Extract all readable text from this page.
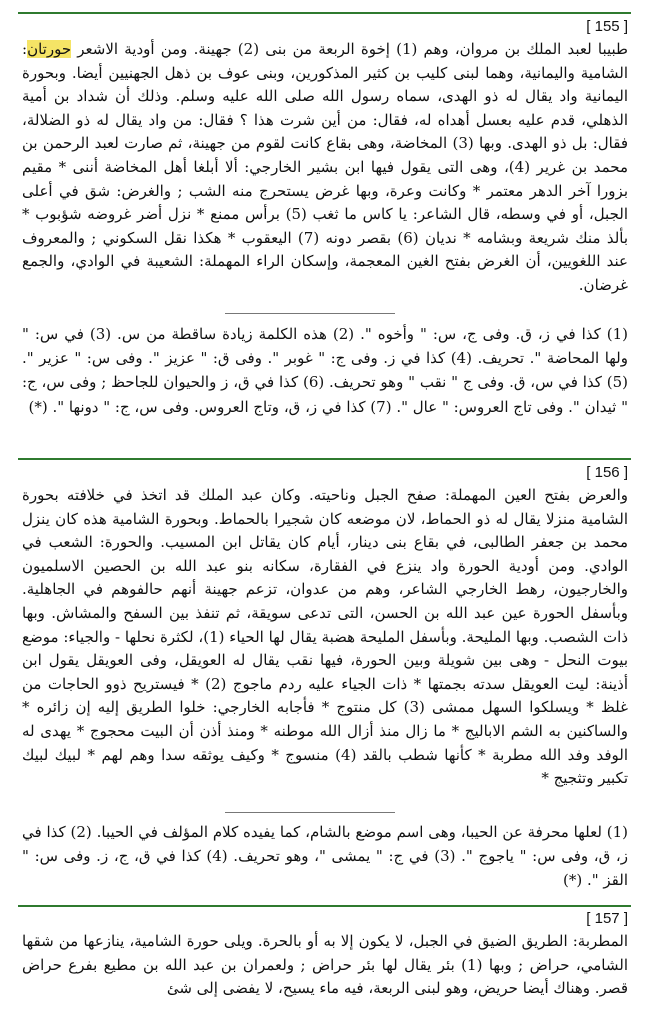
[ 155 ]

طبيبا لعبد الملك بن مروان، وهم (1) إخوة الربعة من بنى (2) جهينة. ومن أودية الاشعر حورتان: الشامية واليمانية، وهما لبنى كليب بن كثير المذكورين، وبنى عوف بن ذهل الجهنيين أيضا. وبحورة اليمانية واد يقال له ذو الهدى، سماه رسول الله صلى الله عليه وسلم. وذلك أن شداد بن أمية الذهلي، قدم عليه بعسل أهداه له، فقال: من أين شرت هذا ؟ فقال: من واد يقال له ذو الضلالة، فقال: بل ذو الهدى. وبها (3) المخاضة، وهى بقاع كانت لقوم من جهينة، ثم صارت لعبد الرحمن بن محمد بن غرير (4)، وهى التى يقول فيها ابن بشير الخارجي: ألا أبلغا أهل المخاضة أننى * مقيم بزورا آخر الدهر معتمر * وكانت وعرة، وبها غرض يستحرج منه الشب ; والغرض: شق في أعلى الجبل، أو في وسطه، قال الشاعر: يا كاس ما ثغب (5) برأس ممنع * نزل أضر غروضه شؤبوب * بألذ منك شريعة وبشامه * نديان (6) بقصر دونه (7) اليعقوب * هكذا نقل السكوني ; والمعروف عند اللغويين، أن الغرض بفتح الغين المعجمة، وإسكان الراء المهملة: الشعيبة في الوادي، والجمع غرضان.

(1) كذا في ز، ق. وفى ج، س: " وأخوه ". (2) هذه الكلمة زيادة ساقطة من س. (3) في س: " ولها المحاضة ". تحريف. (4) كذا في ز. وفى ج: " غوبر ". وفى ق: " عزيز ". وفى س: " عزير ". (5) كذا في س، ق. وفى ج " نقب " وهو تحريف. (6) كذا في ق، ز والحيوان للجاحظ ; وفى س، ج: " ثيدان ". وفى تاج العروس: " عال ". (7) كذا في ز، ق، وتاج العروس. وفى س، ج: " دونها ". (*)

[ 156 ]

والعرض بفتح العين المهملة: صفح الجبل وناحيته. وكان عبد الملك قد اتخذ في خلافته بحورة الشامية منزلا يقال له ذو الحماط، لان موضعه كان شجيرا بالحماط. وبحورة الشامية هذه كان ينزل محمد بن جعفر الطالبى، في بقاع بنى دينار، أيام كان يقاتل ابن المسيب. والحورة: الشعب في الوادي. ومن أودية الحورة واد ينزع في الفقارة، سكانه بنو عبد الله بن الحصين الاسلميون والخارجيون، رهط الخارجي الشاعر، وهم من عدوان، تزعم جهينة أنهم حالفوهم في الجاهلية. وبأسفل الحورة عين عبد الله بن الحسن، التى تدعى سويقة، ثم تنفذ بين السفح والمشاش. وبها ذات الشصب. وبها المليحة. وبأسفل المليحة هضبة يقال لها الحياء (1)، لكثرة نحلها - والجياء: موضع بيوت النحل - وهى بين شويلة وبين الحورة، فيها نقب يقال له العويقل، وفى العويقل يقول ابن أذينة: ليت العويقل سدته بجمتها * ذات الجياء عليه ردم ماجوج (2) * فيستريح ذوو الحاجات من غلظ * ويسلكوا السهل ممشى (3) كل منتوج * فأجابه الخارجي: خلوا الطريق إليه إن زائره * والساكنين به الشم الاباليج * ما زال منذ أزال الله موطنه * ومنذ أذن أن البيت محجوج * يهدى له الوفد وفد الله مطربة * كأنها شطب بالقد (4) منسوج * وكيف يوثقه سدا وهم لهم * لبيك لبيك تكبير وتثجيج *

(1) لعلها محرفة عن الحيبا، وهى اسم موضع بالشام، كما يفيده كلام المؤلف في الحيبا. (2) كذا في ز، ق، وفى س: " ياجوج ". (3) في ج: " يمشى "، وهو تحريف. (4) كذا في ق، ج، ز. وفى س: " القز ". (*)

[ 157 ]

المطربة: الطريق الضيق في الجبل، لا يكون إلا به أو بالحرة. ويلى حورة الشامية، ينازعها من شقها الشامي، حراض ; وبها (1) بئر يقال لها بئر حراض ; ولعمران بن عبد الله بن مطيع بفرع حراض قصر. وهناك أيضا حريض، وهو لبنى الربعة، فيه ماء يسيح، لا يفضى إلى شئ
